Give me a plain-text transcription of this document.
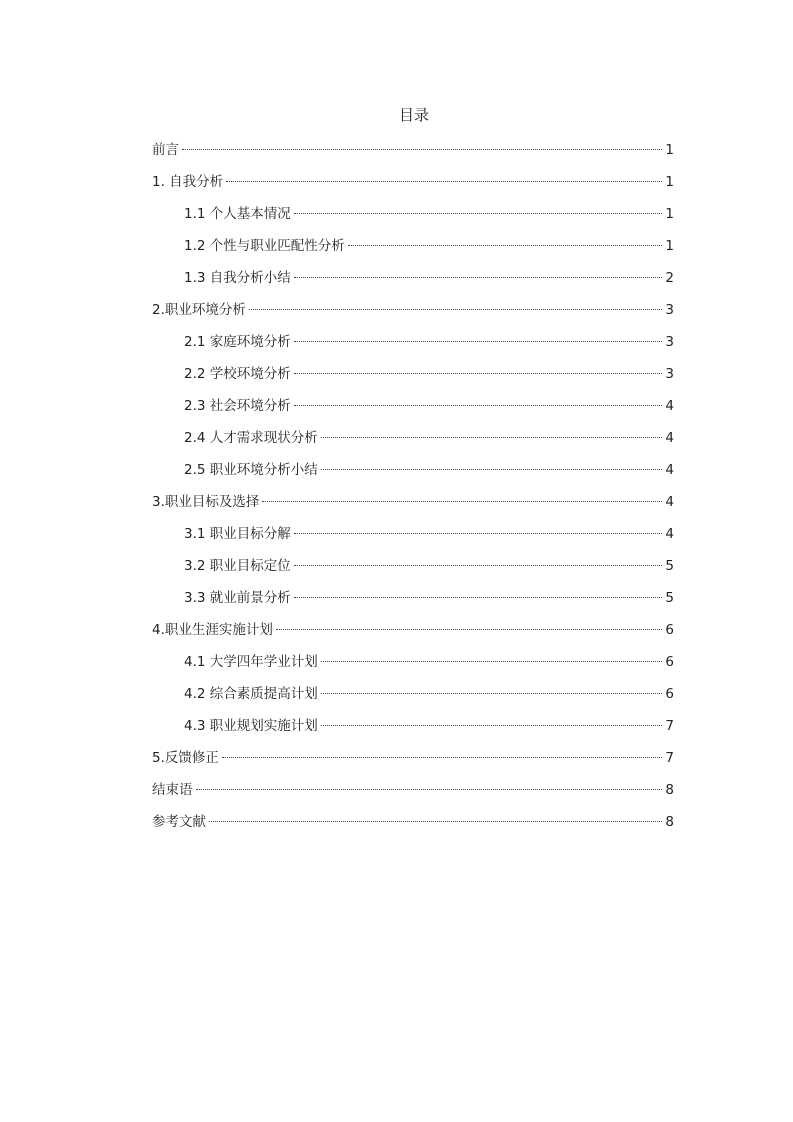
目录
前言	1
1. 自我分析	1
1.1 个人基本情况	1
1.2 个性与职业匹配性分析	1
1.3 自我分析小结	2
2.职业环境分析	3
2.1 家庭环境分析	3
2.2 学校环境分析	3
2.3 社会环境分析	4
2.4 人才需求现状分析	4
2.5 职业环境分析小结	4
3.职业目标及选择	4
3.1 职业目标分解	4
3.2 职业目标定位	5
3.3 就业前景分析	5
4.职业生涯实施计划	6
4.1 大学四年学业计划	6
4.2 综合素质提高计划	6
4.3 职业规划实施计划	7
5.反馈修正	7
结束语	8
参考文献	8
